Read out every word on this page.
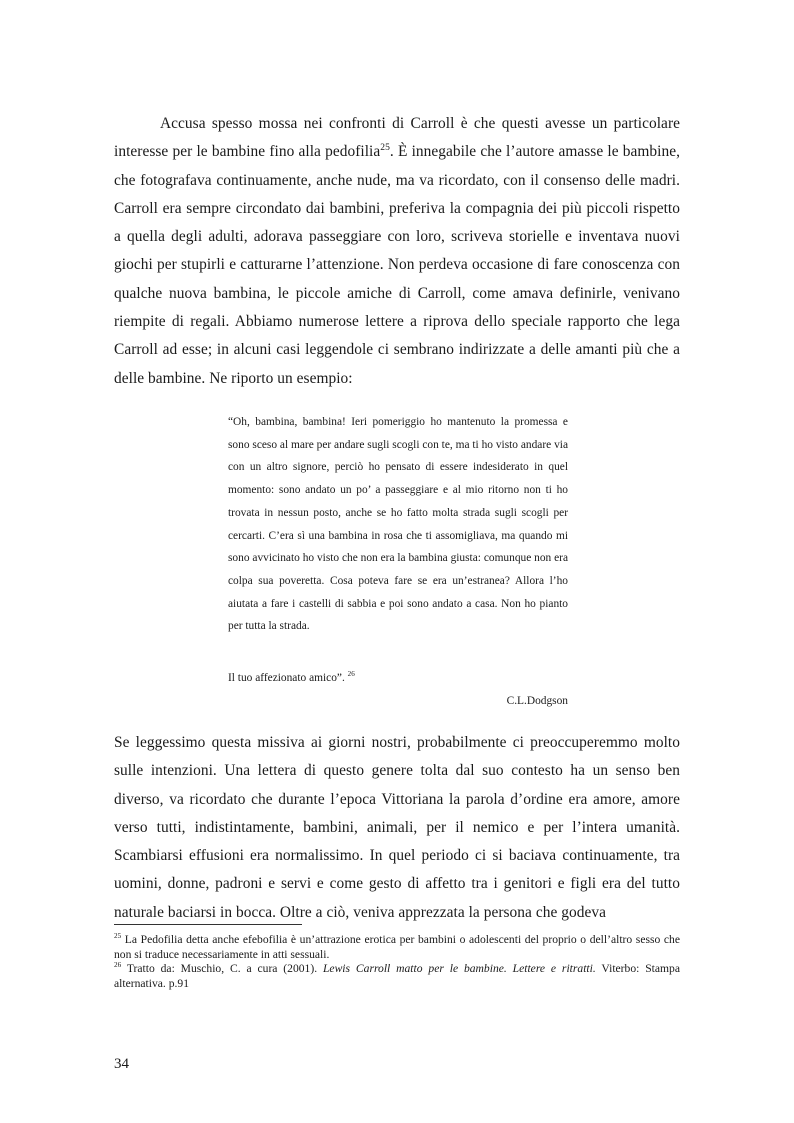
Accusa spesso mossa nei confronti di Carroll è che questi avesse un particolare interesse per le bambine fino alla pedofilia$^{25}$. È innegabile che l’autore amasse le bambine, che fotografava continuamente, anche nude, ma va ricordato, con il consenso delle madri. Carroll era sempre circondato dai bambini, preferiva la compagnia dei più piccoli rispetto a quella degli adulti, adorava passeggiare con loro, scriveva storielle e inventava nuovi giochi per stupirli e catturarne l’attenzione. Non perdeva occasione di fare conoscenza con qualche nuova bambina, le piccole amiche di Carroll, come amava definirle, venivano riempite di regali. Abbiamo numerose lettere a riprova dello speciale rapporto che lega Carroll ad esse; in alcuni casi leggendole ci sembrano indirizzate a delle amanti più che a delle bambine. Ne riporto un esempio:

“Oh, bambina, bambina! Ieri pomeriggio ho mantenuto la promessa e sono sceso al mare per andare sugli scogli con te, ma ti ho visto andare via con un altro signore, perciò ho pensato di essere indesiderato in quel momento: sono andato un po’ a passeggiare e al mio ritorno non ti ho trovata in nessun posto, anche se ho fatto molta strada sugli scogli per cercarti. C’era sì una bambina in rosa che ti assomigliava, ma quando mi sono avvicinato ho visto che non era la bambina giusta: comunque non era colpa sua poveretta. Cosa poteva fare se era un’estranea? Allora l’ho aiutata a fare i castelli di sabbia e poi sono andato a casa. Non ho pianto per tutta la strada.

Il tuo affezionato amico”. $^{26}$
C.L.Dodgson

Se leggessimo questa missiva ai giorni nostri, probabilmente ci preoccuperemmo molto sulle intenzioni. Una lettera di questo genere tolta dal suo contesto ha un senso ben diverso, va ricordato che durante l’epoca Vittoriana la parola d’ordine era amore, amore verso tutti, indistintamente, bambini, animali, per il nemico e per l’intera umanità. Scambiarsi effusioni era normalissimo. In quel periodo ci si baciava continuamente, tra uomini, donne, padroni e servi e come gesto di affetto tra i genitori e figli era del tutto naturale baciarsi in bocca. Oltre a ciò, veniva apprezzata la persona che godeva

$^{25}$ La Pedofilia detta anche efebofilia è un’attrazione erotica per bambini o adolescenti del proprio o dell’altro sesso che non si traduce necessariamente in atti sessuali.

$^{26}$ Tratto da: Muschio, C. a cura (2001). Lewis Carroll matto per le bambine. Lettere e ritratti. Viterbo: Stampa alternativa. p.91

34
